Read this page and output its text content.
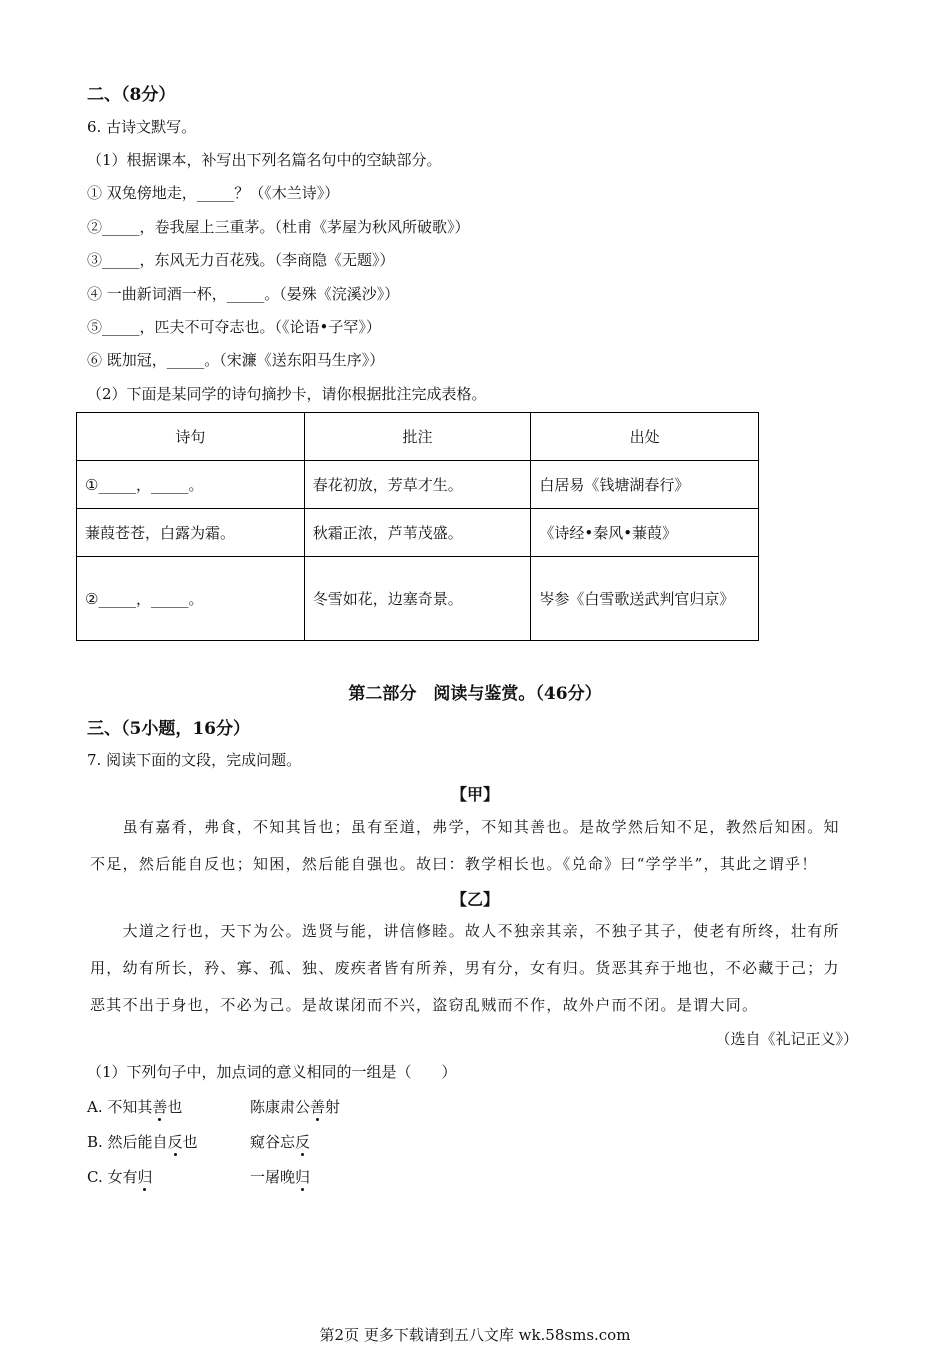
二、（8分）
6. 古诗文默写。
（1）根据课本，补写出下列名篇名句中的空缺部分。
① 双兔傍地走，_____？（《木兰诗》）
②_____，卷我屋上三重茅。（杜甫《茅屋为秋风所破歌》）
③_____，东风无力百花残。（李商隐《无题》）
④ 一曲新词酒一杯，_____。（晏殊《浣溪沙》）
⑤_____，匹夫不可夺志也。（《论语•子罕》）
⑥ 既加冠，_____。（宋濂《送东阳马生序》）
（2）下面是某同学的诗句摘抄卡，请你根据批注完成表格。
诗句	批注	出处
①_____，_____。	春花初放，芳草才生。	白居易《钱塘湖春行》
蒹葭苍苍，白露为霜。	秋霜正浓，芦苇茂盛。	《诗经•秦风•蒹葭》
②_____，_____。	冬雪如花，边塞奇景。	岑参《白雪歌送武判官归京》
第二部分　阅读与鉴赏。（46分）
三、（5小题，16分）
7. 阅读下面的文段，完成问题。
【甲】
　　虽有嘉肴，弗食，不知其旨也；虽有至道，弗学，不知其善也。是故学然后知不足，教然后知困。知
不足，然后能自反也；知困，然后能自强也。故曰：教学相长也。《兑命》曰“学学半”，其此之谓乎！
【乙】
　　大道之行也，天下为公。选贤与能，讲信修睦。故人不独亲其亲，不独子其子，使老有所终，壮有所
用，幼有所长，矜、寡、孤、独、废疾者皆有所养，男有分，女有归。货恶其弃于地也，不必藏于己；力
恶其不出于身也，不必为己。是故谋闭而不兴，盗窃乱贼而不作，故外户而不闭。是谓大同。
（选自《礼记正义》）
（1）下列句子中，加点词的意义相同的一组是（　　）
A. 不知其善也	陈康肃公善射
B. 然后能自反也	窥谷忘反
C. 女有归	一屠晚归
第2页 更多下载请到五八文库 wk.58sms.com
